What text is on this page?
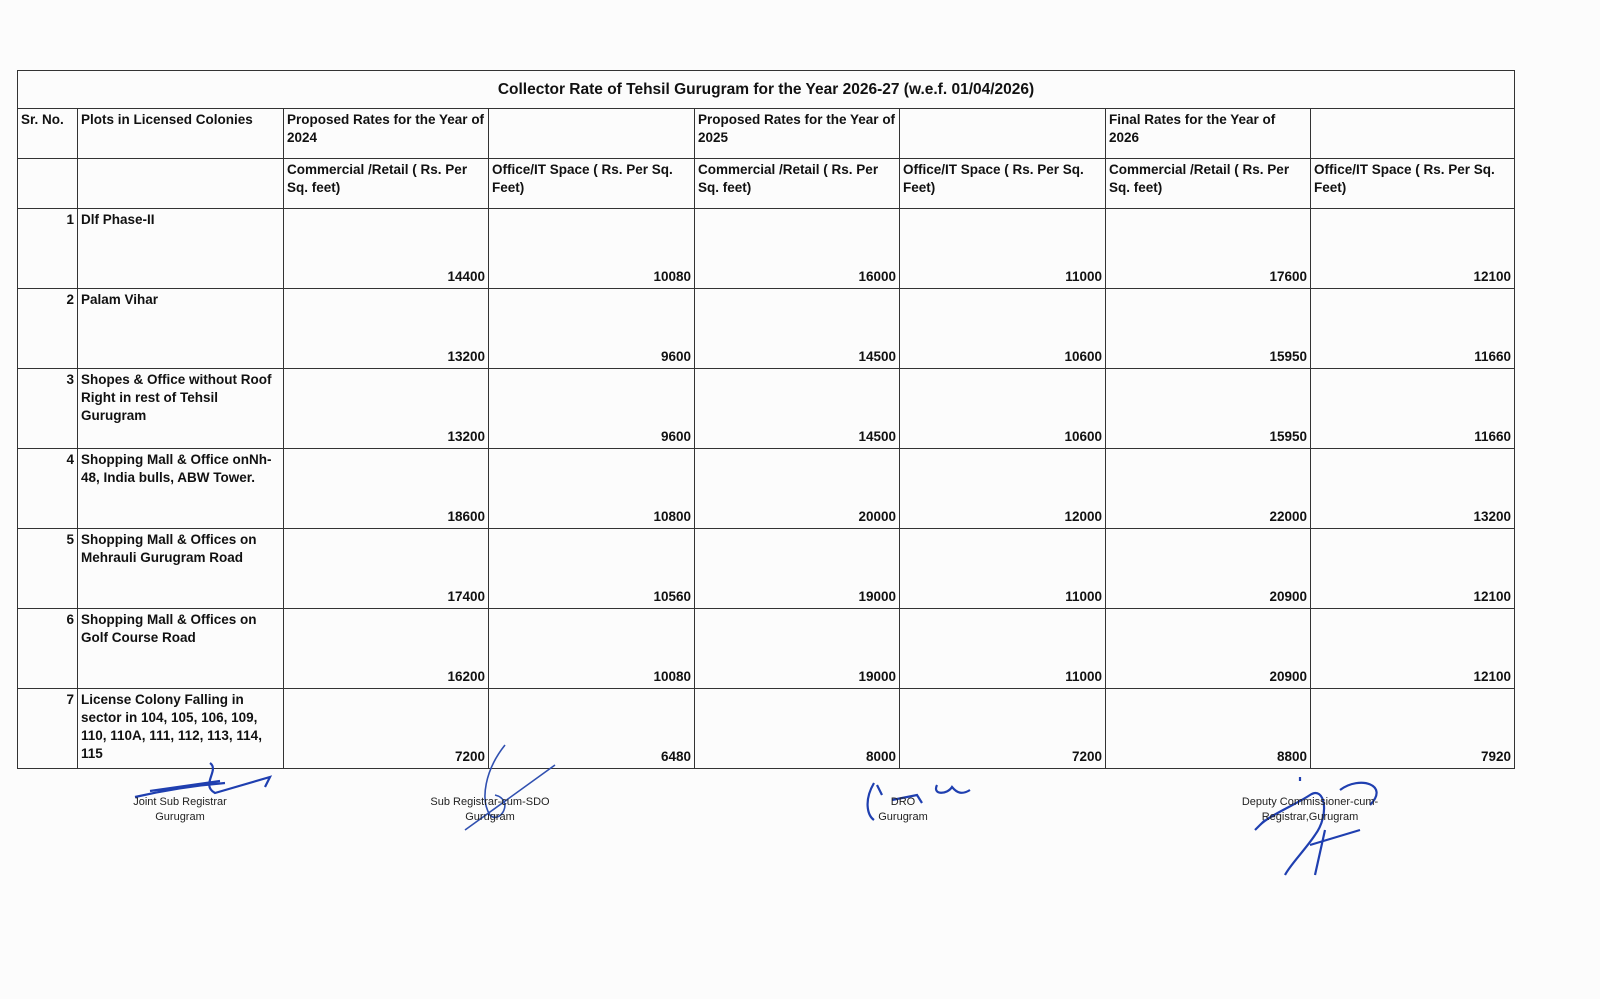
Collector Rate of Tehsil Gurugram for the Year 2026-27 (w.e.f. 01/04/2026)							
Sr. No.	Plots in Licensed Colonies	Proposed Rates for the Year of 2024		Proposed Rates for the Year of 2025		Final Rates for the Year of 2026	
		Commercial /Retail ( Rs. Per Sq. feet)	Office/IT Space ( Rs. Per Sq. Feet)	Commercial /Retail ( Rs. Per Sq. feet)	Office/IT Space ( Rs. Per Sq. Feet)	Commercial /Retail ( Rs. Per Sq. feet)	Office/IT Space ( Rs. Per Sq. Feet)
1	Dlf Phase-II	14400	10080	16000	11000	17600	12100
2	Palam Vihar	13200	9600	14500	10600	15950	11660
3	Shopes & Office without Roof Right in rest of Tehsil Gurugram	13200	9600	14500	10600	15950	11660
4	Shopping Mall & Office onNh-48, India bulls, ABW Tower.	18600	10800	20000	12000	22000	13200
5	Shopping Mall & Offices on Mehrauli Gurugram Road	17400	10560	19000	11000	20900	12100
6	Shopping Mall & Offices on Golf Course Road	16200	10080	19000	11000	20900	12100
7	License Colony Falling in sector in 104, 105, 106, 109, 110, 110A, 111, 112, 113, 114, 115	7200	6480	8000	7200	8800	7920
Joint Sub Registrar
Gurugram
Sub Registrar-cum-SDO
Gurugram
DRO
Gurugram
Deputy Commissioner-cum-
Registrar,Gurugram
